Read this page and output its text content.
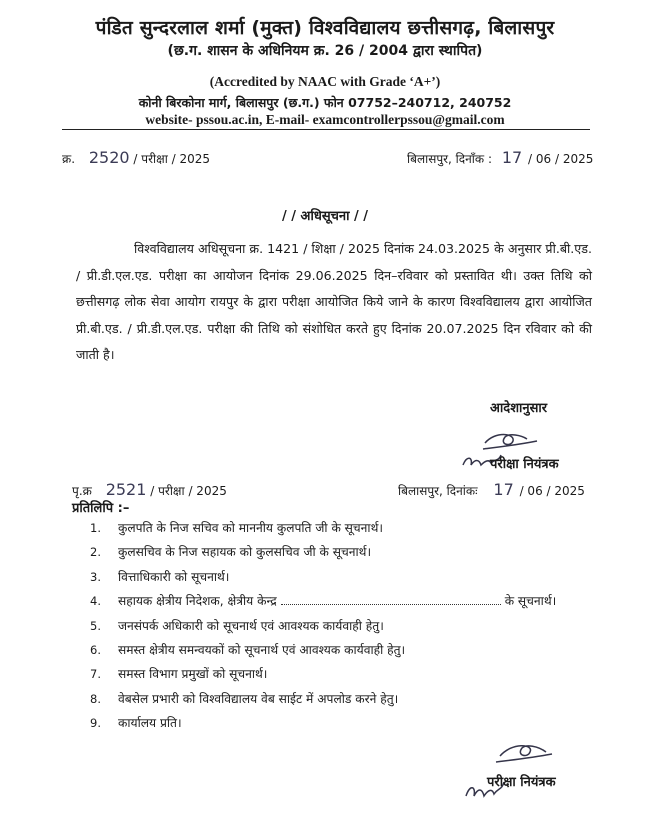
पंडित सुन्दरलाल शर्मा (मुक्त) विश्वविद्यालय छत्तीसगढ़, बिलासपुर
(छ.ग. शासन के अधिनियम क्र. 26 / 2004 द्वारा स्थापित)
(Accredited by NAAC with Grade ‘A+’)
कोनी बिरकोना मार्ग, बिलासपुर (छ.ग.) फोन 07752–240712, 240752
website- pssou.ac.in, E-mail- examcontrollerpssou@gmail.com
क्र. 2520 / परीक्षा / 2025	बिलासपुर, दिनाँक : 17 / 06 / 2025
/ / अधिसूचना / /
विश्वविद्यालय अधिसूचना क्र. 1421 / शिक्षा / 2025 दिनांक 24.03.2025 के अनुसार प्री.बी.एड. / प्री.डी.एल.एड. परीक्षा का आयोजन दिनांक 29.06.2025 दिन–रविवार को प्रस्तावित थी। उक्त तिथि को छत्तीसगढ़ लोक सेवा आयोग रायपुर के द्वारा परीक्षा आयोजित किये जाने के कारण विश्वविद्यालय द्वारा आयोजित प्री.बी.एड. / प्री.डी.एल.एड. परीक्षा की तिथि को संशोधित करते हुए दिनांक 20.07.2025 दिन रविवार को की जाती है।
आदेशानुसार
परीक्षा नियंत्रक
पृ.क्र 2521 / परीक्षा / 2025	बिलासपुर, दिनांकः 17 / 06 / 2025
प्रतिलिपि :–
1. कुलपति के निज सचिव को माननीय कुलपति जी के सूचनार्थ।
2. कुलसचिव के निज सहायक को कुलसचिव जी के सूचनार्थ।
3. वित्ताधिकारी को सूचनार्थ।
4. सहायक क्षेत्रीय निदेशक, क्षेत्रीय केन्द्र	के सूचनार्थ।
5. जनसंपर्क अधिकारी को सूचनार्थ एवं आवश्यक कार्यवाही हेतु।
6. समस्त क्षेत्रीय समन्वयकों को सूचनार्थ एवं आवश्यक कार्यवाही हेतु।
7. समस्त विभाग प्रमुखों को सूचनार्थ।
8. वेबसेल प्रभारी को विश्वविद्यालय वेब साईट में अपलोड करने हेतु।
9. कार्यालय प्रति।
परीक्षा नियंत्रक
